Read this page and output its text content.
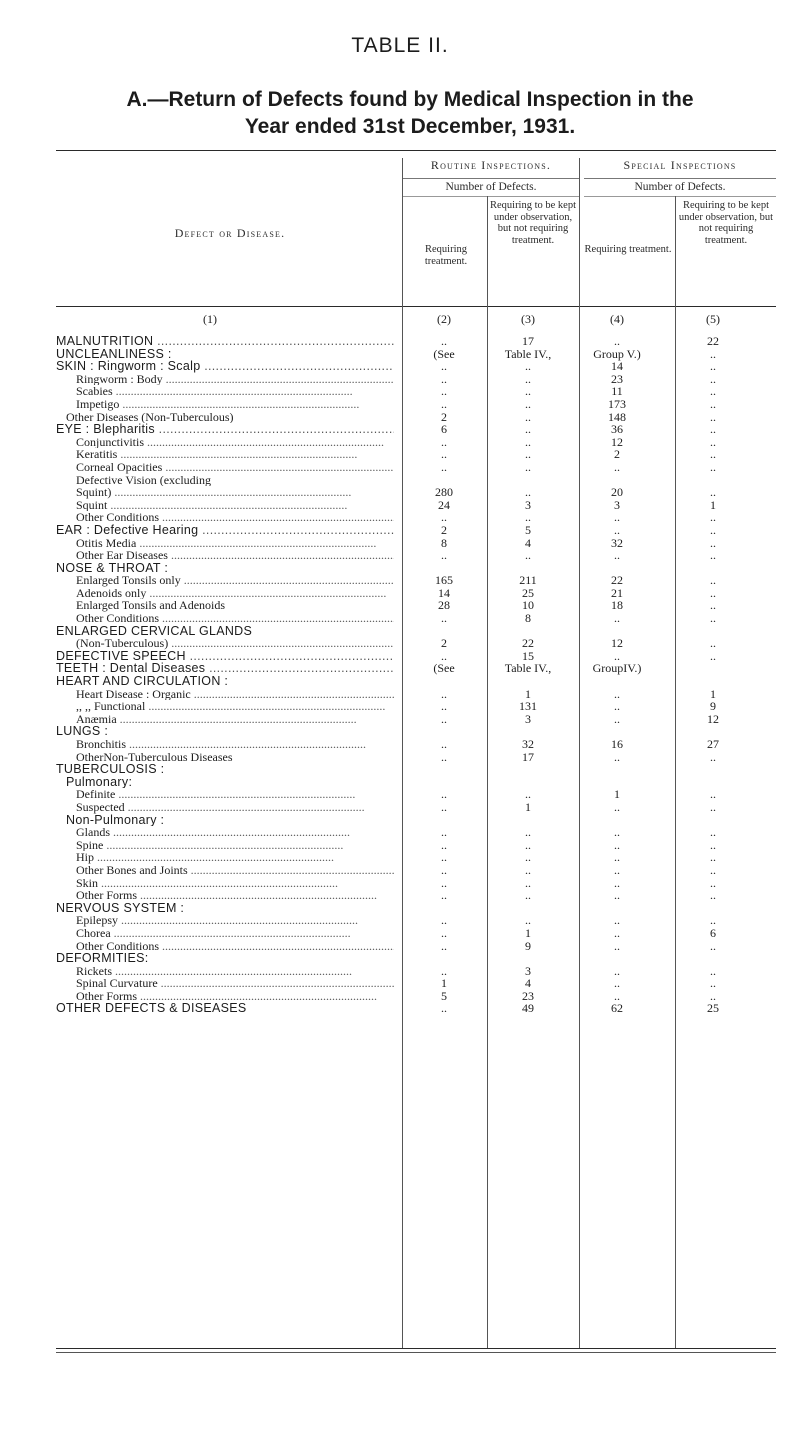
TABLE II.
A.—Return of Defects found by Medical Inspection in the
Year ended 31st December, 1931.
Defect or Disease.
Routine Inspections.	Special Inspections
Number of Defects.	Number of Defects.
Requiring treatment.
Requiring to be kept under observation, but not requiring treatment.
Requiring treatment.
Requiring to be kept under observation, but not requiring treatment.
(1)	(2)	(3)	(4)	(5)
MALNUTRITION .....	..	17	..	22
UNCLEANLINESS :	(See	Table IV.,	Group V.)	..
SKIN : Ringworm : Scalp .....	..	..	14	..
Ringworm : Body .....	..	..	23	..
Scabies .....	..	..	11	..
Impetigo .....	..	..	173	..
Other Diseases (Non-Tuberculous)	2	..	148	..
EYE : Blepharitis .....	6	..	36	..
Conjunctivitis .....	..	..	12	..
Keratitis .....	..	..	2	..
Corneal Opacities .....	..	..	..	..
Defective Vision (excluding
Squint) .....	280	..	20	..
Squint .....	24	3	3	1
Other Conditions .....	..	..	..	..
EAR : Defective Hearing .....	2	5	..	..
Otitis Media .....	8	4	32	..
Other Ear Diseases .....	..	..	..	..
NOSE & THROAT :
Enlarged Tonsils only .....	165	211	22	..
Adenoids only .....	14	25	21	..
Enlarged Tonsils and Adenoids	28	10	18	..
Other Conditions .....	..	8	..	..
ENLARGED CERVICAL GLANDS
(Non-Tuberculous) .....	2	22	12	..
DEFECTIVE SPEECH .....	..	15	..	..
TEETH : Dental Diseases .....	(See	Table IV.,	GroupIV.)
HEART AND CIRCULATION :
Heart Disease : Organic .....	..	1	..	1
,, ,, Functional .....	..	131	..	9
Anæmia .....	..	3	..	12
LUNGS :
Bronchitis .....	..	32	16	27
OtherNon-Tuberculous Diseases	..	17	..	..
TUBERCULOSIS :
Pulmonary:
Definite .....	..	..	1	..
Suspected .....	..	1	..	..
Non-Pulmonary :
Glands .....	..	..	..	..
Spine .....	..	..	..	..
Hip .....	..	..	..	..
Other Bones and Joints .....	..	..	..	..
Skin .....	..	..	..	..
Other Forms .....	..	..	..	..
NERVOUS SYSTEM :
Epilepsy .....	..	..	..	..
Chorea .....	..	1	..	6
Other Conditions .....	..	9	..	..
DEFORMITIES:
Rickets .....	..	3	..	..
Spinal Curvature .....	1	4	..	..
Other Forms .....	5	23	..	..
OTHER DEFECTS & DISEASES	..	49	62	25
